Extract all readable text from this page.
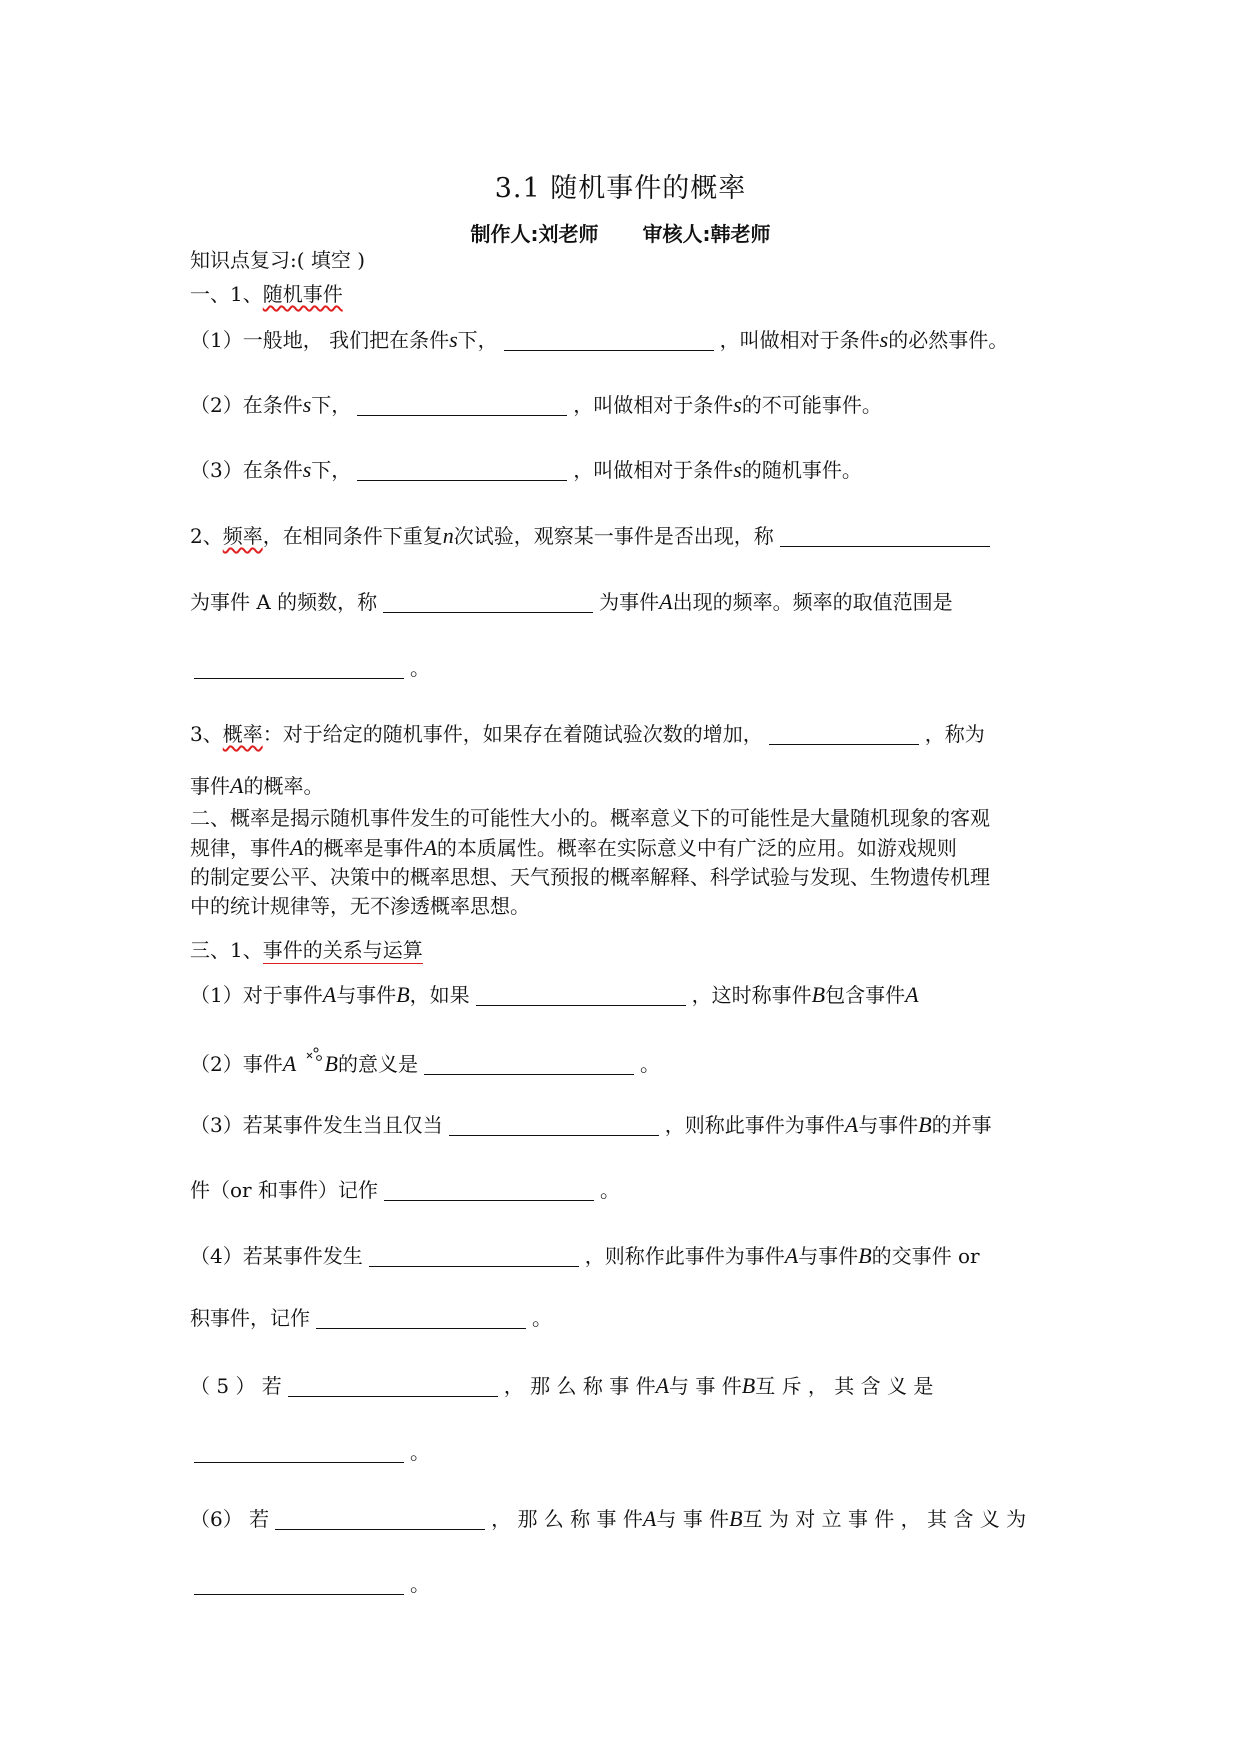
3.1 随机事件的概率
制作人:刘老师 审核人:韩老师
知识点复习:( 填空 )
一、1、随机事件
（1）一般地， 我们把在条件s下，	，叫做相对于条件s的必然事件。
（2）在条件s下，	，叫做相对于条件s的不可能事件。
（3）在条件s下，	，叫做相对于条件s的随机事件。
2、频率，在相同条件下重复n次试验，观察某一事件是否出现，称
为事件 A 的频数，称	为事件A出现的频率。频率的取值范围是
。
3、概率：对于给定的随机事件，如果存在着随试验次数的增加，	，称为
事件A的概率。
二、概率是揭示随机事件发生的可能性大小的。概率意义下的可能性是大量随机现象的客观
规律，事件A的概率是事件A的本质属性。概率在实际意义中有广泛的应用。如游戏规则
的制定要公平、决策中的概率思想、天气预报的概率解释、科学试验与发现、生物遗传机理
中的统计规律等，无不渗透概率思想。
三、1、事件的关系与运算
（1）对于事件A与事件B，如果	，这时称事件B包含事件A
（2）事件A B的意义是	。
（3）若某事件发生当且仅当	，则称此事件为事件A与事件B的并事
件（or 和事件）记作	。
（4）若某事件发生	，则称作此事件为事件A与事件B的交事件 or
积事件，记作	。
（ 5 ） 若	， 那 么 称 事 件A与 事 件B互 斥 ， 其 含 义 是
。
（6） 若	， 那 么 称 事 件A与 事 件B互 为 对 立 事 件 ， 其 含 义 为
。
